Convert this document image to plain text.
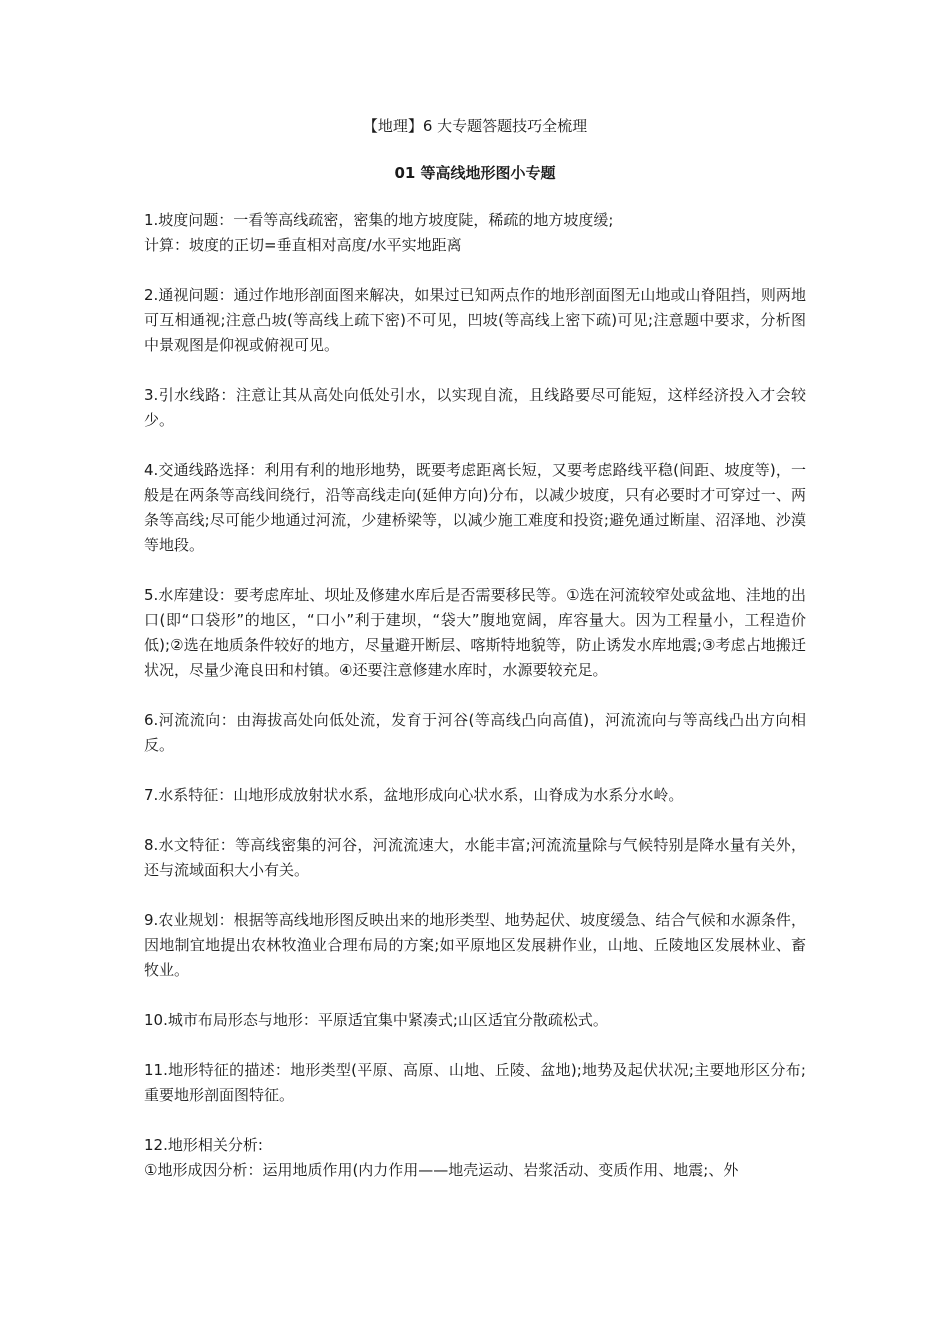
【地理】6 大专题答题技巧全梳理
01 等高线地形图小专题
1.坡度问题：一看等高线疏密，密集的地方坡度陡，稀疏的地方坡度缓;
计算：坡度的正切=垂直相对高度/水平实地距离
2.通视问题：通过作地形剖面图来解决，如果过已知两点作的地形剖面图无山地或山脊阻挡，则两地可互相通视;注意凸坡(等高线上疏下密)不可见，凹坡(等高线上密下疏)可见;注意题中要求，分析图中景观图是仰视或俯视可见。
3.引水线路：注意让其从高处向低处引水，以实现自流，且线路要尽可能短，这样经济投入才会较少。
4.交通线路选择：利用有利的地形地势，既要考虑距离长短，又要考虑路线平稳(间距、坡度等)，一般是在两条等高线间绕行，沿等高线走向(延伸方向)分布，以减少坡度，只有必要时才可穿过一、两条等高线;尽可能少地通过河流，少建桥梁等，以减少施工难度和投资;避免通过断崖、沼泽地、沙漠等地段。
5.水库建设：要考虑库址、坝址及修建水库后是否需要移民等。①选在河流较窄处或盆地、洼地的出口(即“口袋形”的地区，“口小”利于建坝，“袋大”腹地宽阔，库容量大。因为工程量小，工程造价低);②选在地质条件较好的地方，尽量避开断层、喀斯特地貌等，防止诱发水库地震;③考虑占地搬迁状况，尽量少淹良田和村镇。④还要注意修建水库时，水源要较充足。
6.河流流向：由海拔高处向低处流，发育于河谷(等高线凸向高值)，河流流向与等高线凸出方向相反。
7.水系特征：山地形成放射状水系，盆地形成向心状水系，山脊成为水系分水岭。
8.水文特征：等高线密集的河谷，河流流速大，水能丰富;河流流量除与气候特别是降水量有关外，还与流域面积大小有关。
9.农业规划：根据等高线地形图反映出来的地形类型、地势起伏、坡度缓急、结合气候和水源条件，因地制宜地提出农林牧渔业合理布局的方案;如平原地区发展耕作业，山地、丘陵地区发展林业、畜牧业。
10.城市布局形态与地形：平原适宜集中紧凑式;山区适宜分散疏松式。
11.地形特征的描述：地形类型(平原、高原、山地、丘陵、盆地);地势及起伏状况;主要地形区分布;重要地形剖面图特征。
12.地形相关分析:
①地形成因分析：运用地质作用(内力作用——地壳运动、岩浆活动、变质作用、地震;、外
